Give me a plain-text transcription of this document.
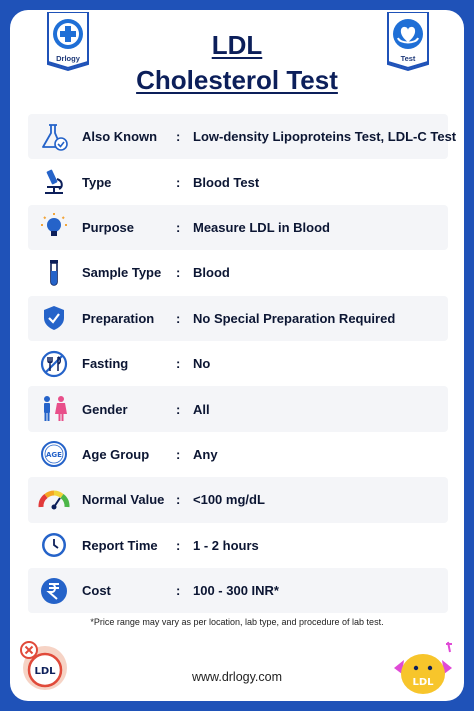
Drlogy	Test
LDL
Cholesterol Test
Also Known : Low-density Lipoproteins Test, LDL-C Test
Type	: Blood Test
Purpose	: Measure LDL in Blood
Sample Type : Blood
Preparation : No Special Preparation Required
Fasting	: No
Gender	: All
AGE Age Group : Any
Normal Value : <100 mg/dL
Report Time : 1 - 2 hours
Cost	: 100 - 300 INR*
*Price range may vary as per location, lab type, and procedure of lab test.
LDL	www.drlogy.com	LDL
